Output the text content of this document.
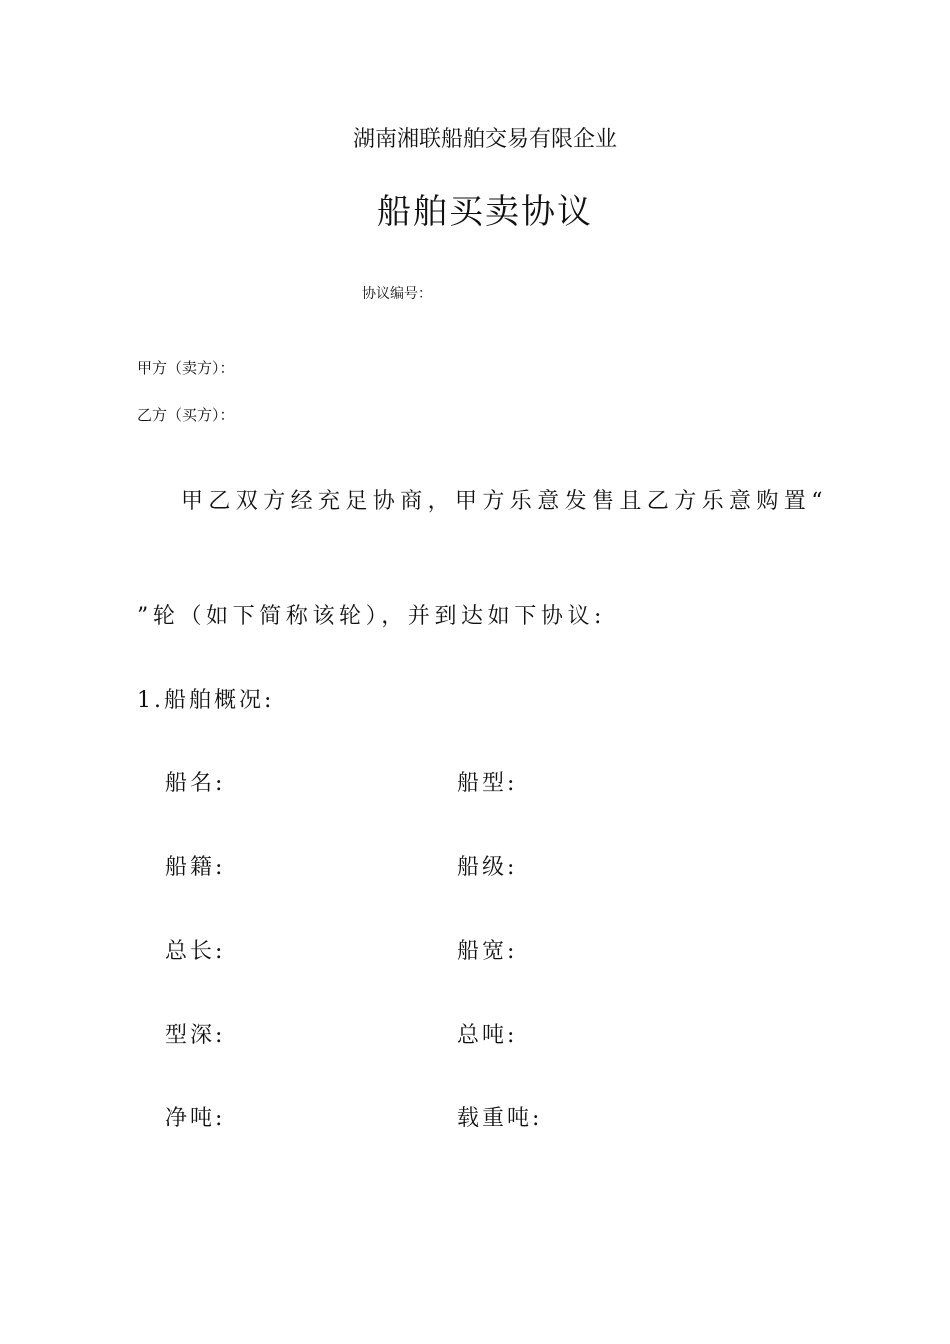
湖南湘联船舶交易有限企业
船舶买卖协议
协议编号：
甲方（卖方）：
乙方（买方）：
甲乙双方经充足协商，甲方乐意发售且乙方乐意购置“
”轮（如下简称该轮），并到达如下协议:
1.船舶概况:
船名:	船型:
船籍:	船级:
总长:	船宽:
型深:	总吨:
净吨:	载重吨:
